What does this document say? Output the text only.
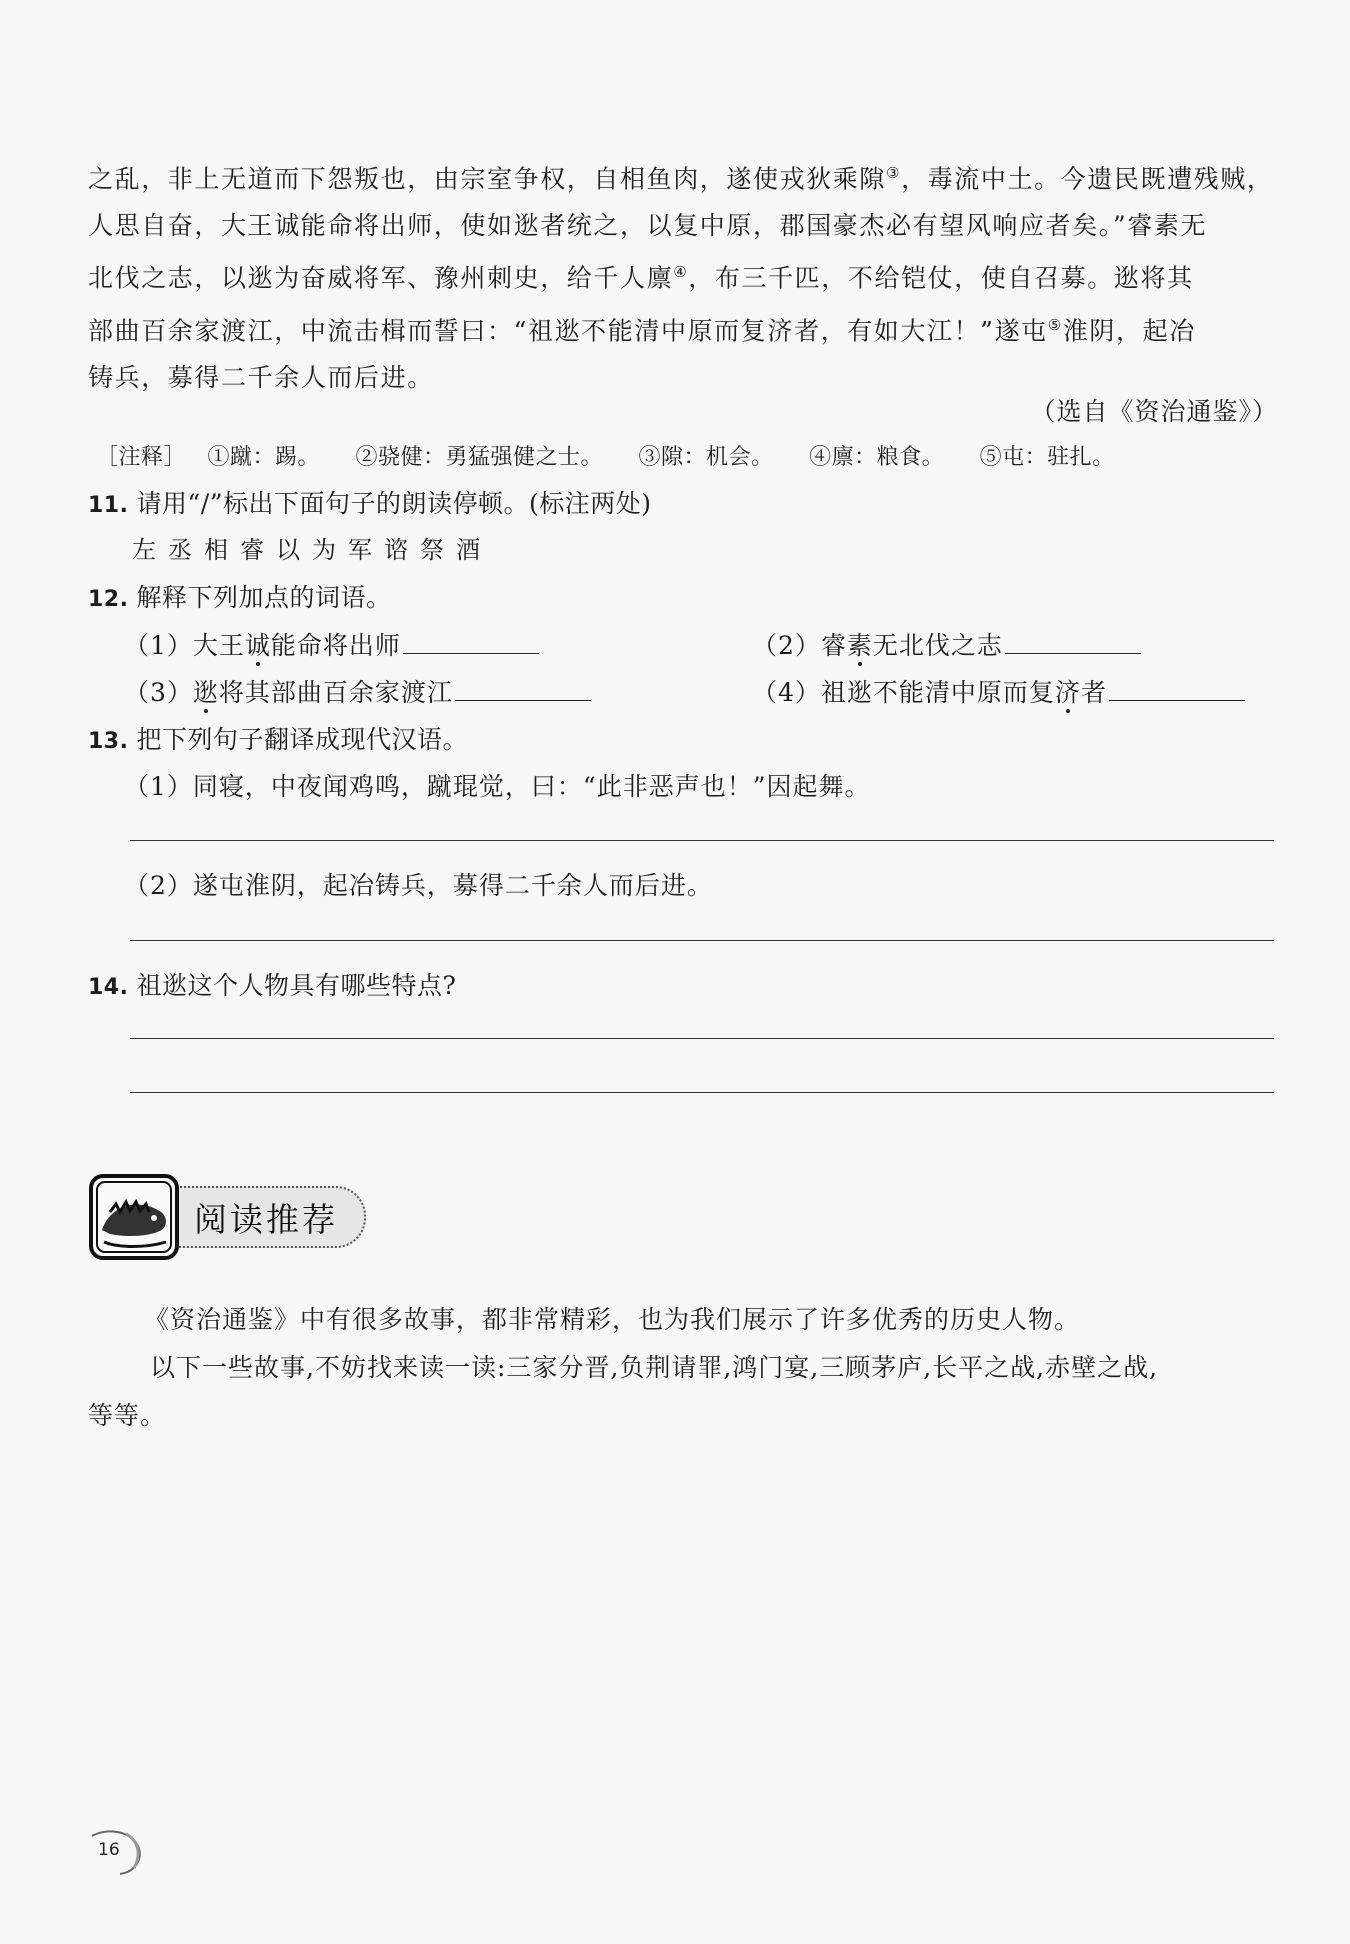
之乱，非上无道而下怨叛也，由宗室争权，自相鱼肉，遂使戎狄乘隙③，毒流中土。今遗民既遭残贼，

人思自奋，大王诚能命将出师，使如逖者统之，以复中原，郡国豪杰必有望风响应者矣。”睿素无

北伐之志，以逖为奋威将军、豫州刺史，给千人廪④，布三千匹，不给铠仗，使自召募。逖将其

部曲百余家渡江，中流击楫而誓曰：“祖逖不能清中原而复济者，有如大江！”遂屯⑤淮阴，起冶

铸兵，募得二千余人而后进。

（选自《资治通鉴》）
［注释］ ①蹴：踢。 ②骁健：勇猛强健之士。 ③隙：机会。 ④廪：粮食。 ⑤屯：驻扎。
11. 请用“/”标出下面句子的朗读停顿。(标注两处)
左丞相睿以为军谘祭酒
12. 解释下列加点的词语。
（1）大王诚能命将出师	（2）睿素无北伐之志
（3）逖将其部曲百余家渡江	（4）祖逖不能清中原而复济者
13. 把下列句子翻译成现代汉语。
（1）同寝，中夜闻鸡鸣，蹴琨觉，曰：“此非恶声也！”因起舞。
（2）遂屯淮阴，起冶铸兵，募得二千余人而后进。
14. 祖逖这个人物具有哪些特点?
阅读推荐
《资治通鉴》中有很多故事，都非常精彩，也为我们展示了许多优秀的历史人物。
以下一些故事,不妨找来读一读:三家分晋,负荆请罪,鸿门宴,三顾茅庐,长平之战,赤壁之战,
等等。
16
